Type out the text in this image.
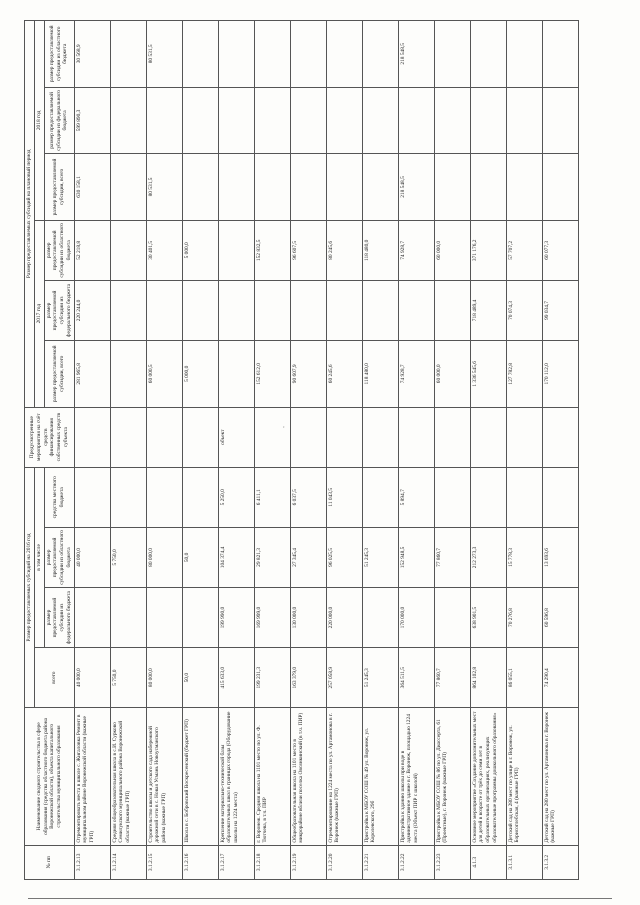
‚
№ пп	Наименование сводного строительства в сфере образования (средства областного бюджета района Воронежской области), объекта капитального строительства муниципального образования	Размер предоставляемых субсидий на 2016 год				Предусмотренные мероприятия на счёт средств финансирования собственных средств субъекта	Размер предоставляемых субсидий на плановый период					
		всего	в том числе				2017 год			2018 год		
			размер предоставляемой субсидии из федерального бюджета	размер предоставляемой субсидии из областного бюджета	средства местного бюджета		размер предоставляемой субсидии, всего	размер предоставляемой субсидии из федерального бюджета	размер предоставляемой субсидии из областного бюджета	размер предоставляемой субсидии, всего	размер предоставляемой субсидии из федерального бюджета	размер предоставляемой субсидии из областного бюджета
3.1.2.13	Отремонтировать места в школе с. Жигаловка Ремонт в муниципальном районе Воронежской области (важные ГРП)	40 000,0		40 000,0			281 965,8	220 244,0	52 218,8	630 158,1	599 890,3	30 568,9
3.1.2.14	Средняя общеобразовательная школа в с.И. Сурково Семилукского муниципального района Воронежской области (важные ГРП)	5 750,0		5 750,0								
3.1.2.15	Строительство школы и детского сада набережной дорожной сети в с. Новая Усмань Новоусманского района (важные ГРП)	80 000,0		80 000,0			60 000,5		30 401,5	80 531,5		80 531,5
3.1.2.16	Школа в с. Бобровский Воскресенский (бюджет ГРП)	50,0		50,0			5 000,0		5 000,0			
3.1.2.17	Крепление материально-технической базы образовательных школ в границах города (Оборудование школы на 1224 места)	415 633,0	199 990,0	104 374,4	5 250,0	объект						
3.1.2.18	г. Воронеж. Средняя школа на 1101 место по ул. Ф. Тютчева, в т.ч. ПИР	199 231,3	169 999,0	29 821,3	6 411,1		152 612,0		152 832,5			
3.1.2.19	Общеобразовательная школа на 1101 место в микрорайоне вблизи поселка Овсянкинский (в т.ч. ПИР)	163 379,0	130 000,0	27 345,4	6 037,5		90 607,9		96 607,5			
3.1.2.20	Отремонтирование на 1224 места по ул. Артамонова в г. Воронеж (важные ГРП)	257 058,9	220 000,0	96 025,5	11 043,5		60 245,6		80 245,6			
3.1.2.21	Пристройка к МБОУ СОШ № 49 ул. Воронеж, ул. Королевского, 29б	51 245,3		51 245,3			118 480,0		118 480,0			
3.1.2.22	Пристройка к зданию школы при воде в административное здание в г. Воронеж, площадью 1224 места (Объект ПИР с школой)	364 511,5	170 000,0	152 948,5	5 894,7		74 928,7		74 928,7	218 548,5		218 548,5
3.1.2.23	Пристройка к МБОУ СОШ № 86 по ул. Диассерта, 61 (Проектные), г. Воронеж (важные ГРП)	77 860,7		77 860,7			60 000,0		60 000,0			
4.1.3	Основное мероприятие «Создание дополнительных мест для детей в возрасте от трёх до семи лет в образовательных организациях, реализующих образовательные программы дошкольного образования»	864 102,8	638 901,5	212 273,3			1 336 545,6	718 489,4	371 176,2			
3.1.3.1	Детский сад на 280 мест по улице в г. Воронеж, ул. Борисоглебская, 4 (важные ГРП)	86 055,1	70 276,8	15 778,3			127 782,8	70 074,3	57 707,2			
3.1.3.2	Детский сад на 280 мест по ул. Артамонова в г. Воронеж (важные ГРП)	74 290,4	60 596,8	13 693,6			170 112,0	99 034,7	60 077,3			
